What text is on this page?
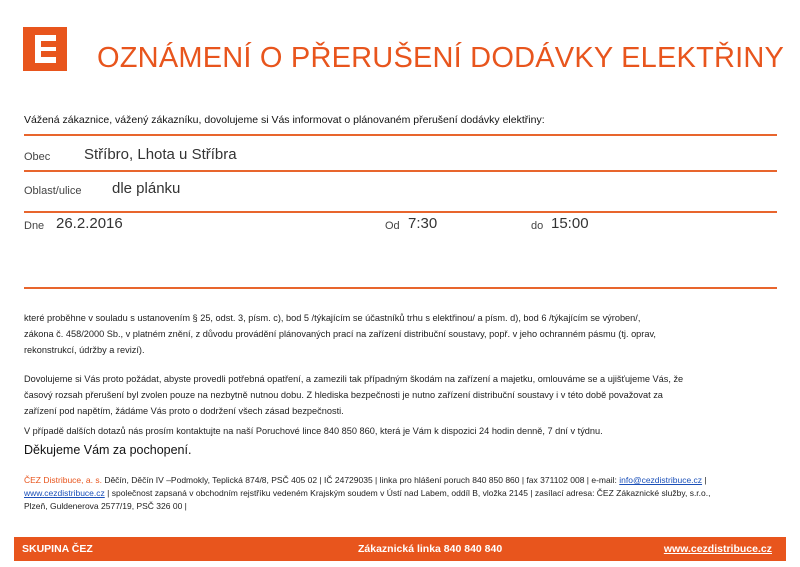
OZNÁMENÍ O PŘERUŠENÍ DODÁVKY ELEKTŘINY
Vážená zákaznice, vážený zákazníku, dovolujeme si Vás informovat o plánovaném přerušení dodávky elektřiny:
Obec Stříbro, Lhota u Stříbra
Oblast/ulice dle plánku
Dne 26.2.2016	Od 7:30	do 15:00

které proběhne v souladu s ustanovením § 25, odst. 3, písm. c), bod 5 /týkajícím se účastníků trhu s elektřinou/ a písm. d), bod 6 /týkajícím se výroben/,

zákona č. 458/2000 Sb., v platném znění, z důvodu provádění plánovaných prací na zařízení distribuční soustavy, popř. v jeho ochranném pásmu (tj. oprav,

rekonstrukcí, údržby a revizí).

Dovolujeme si Vás proto požádat, abyste provedli potřebná opatření, a zamezili tak případným škodám na zařízení a majetku, omlouváme se a ujišťujeme Vás, že

časový rozsah přerušení byl zvolen pouze na nezbytně nutnou dobu. Z hlediska bezpečnosti je nutno zařízení distribuční soustavy i v této době považovat za

zařízení pod napětím, žádáme Vás proto o dodržení všech zásad bezpečnosti.

V případě dalších dotazů nás prosím kontaktujte na naší Poruchové lince 840 850 860, která je Vám k dispozici 24 hodin denně, 7 dní v týdnu.

Děkujeme Vám za pochopení.
ČEZ Distribuce, a. s. Děčín, Děčín IV –Podmokly, Teplická 874/8, PSČ 405 02 | IČ 24729035 | linka pro hlášení poruch 840 850 860 | fax 371102 008 | e-mail: info@cezdistribuce.cz |
www.cezdistribuce.cz | společnost zapsaná v obchodním rejstříku vedeném Krajským soudem v Ústí nad Labem, oddíl B, vložka 2145 | zasílací adresa: ČEZ Zákaznické služby, s.r.o.,
Plzeň, Guldenerova 2577/19, PSČ 326 00 |
SKUPINA ČEZ	Zákaznická linka 840 840 840	www.cezdistribuce.cz
